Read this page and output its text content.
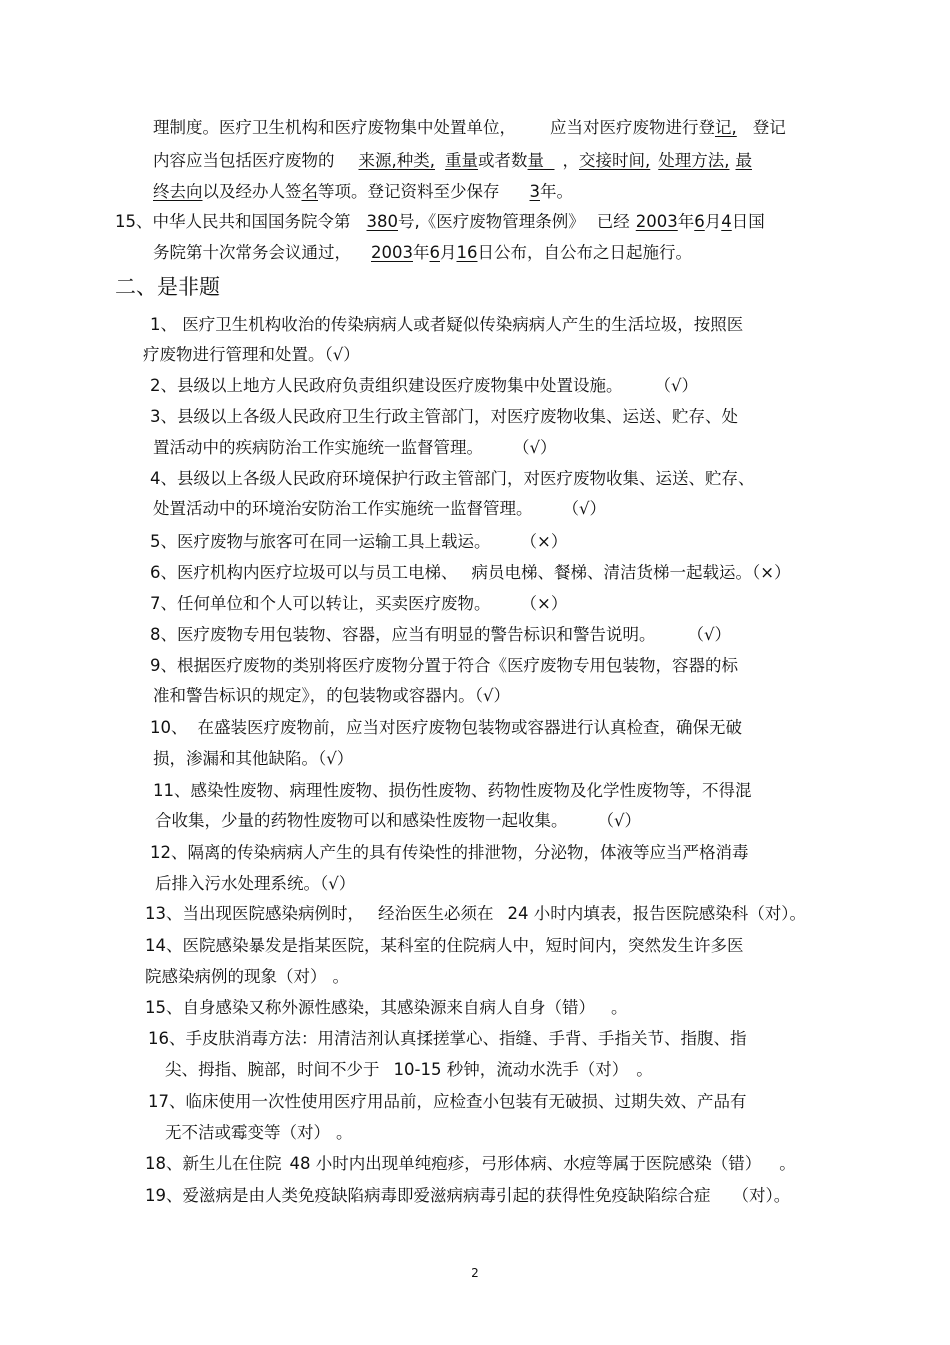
理制度。医疗卫生机构和医疗废物集中处置单位， 应当对医疗废物进行登记, 登记
内容应当包括医疗废物的 来源,种类, 重量或者数量 ，交接时间, 处理方法, 最
终去向以及经办人签名等项。登记资料至少保存 3年。
15、中华人民共和国国务院令第 380号,《医疗废物管理条例》 已经 2003年6月4日国
务院第十次常务会议通过， 2003年6月16日公布，自公布之日起施行。
二、是非题
1、 医疗卫生机构收治的传染病病人或者疑似传染病病人产生的生活垃圾，按照医
疗废物进行管理和处置。（√）
2、县级以上地方人民政府负责组织建设医疗废物集中处置设施。 （√）
3、县级以上各级人民政府卫生行政主管部门，对医疗废物收集、运送、贮存、处
置活动中的疾病防治工作实施统一监督管理。 （√）
4、县级以上各级人民政府环境保护行政主管部门，对医疗废物收集、运送、贮存、
处置活动中的环境治安防治工作实施统一监督管理。 （√）
5、医疗废物与旅客可在同一运输工具上载运。 （×）
6、医疗机构内医疗垃圾可以与员工电梯、 病员电梯、餐梯、清洁货梯一起载运。（×）
7、任何单位和个人可以转让，买卖医疗废物。 （×）
8、医疗废物专用包装物、容器，应当有明显的警告标识和警告说明。 （√）
9、根据医疗废物的类别将医疗废物分置于符合《医疗废物专用包装物，容器的标
准和警告标识的规定》，的包装物或容器内。（√）
10、 在盛装医疗废物前，应当对医疗废物包装物或容器进行认真检查，确保无破
损，渗漏和其他缺陷。（√）
11、感染性废物、病理性废物、损伤性废物、药物性废物及化学性废物等，不得混
合收集，少量的药物性废物可以和感染性废物一起收集。 （√）
12、隔离的传染病病人产生的具有传染性的排泄物，分泌物，体液等应当严格消毒
后排入污水处理系统。（√）
13、当出现医院感染病例时， 经治医生必须在 24 小时内填表，报告医院感染科（对）。
14、医院感染暴发是指某医院，某科室的住院病人中，短时间内，突然发生许多医
院感染病例的现象（对） 。
15、自身感染又称外源性感染，其感染源来自病人自身（错） 。
16、手皮肤消毒方法：用清洁剂认真揉搓掌心、指缝、手背、手指关节、指腹、指
尖、拇指、腕部，时间不少于 10-15 秒钟，流动水洗手（对） 。
17、临床使用一次性使用医疗用品前，应检查小包装有无破损、过期失效、产品有
无不洁或霉变等（对） 。
18、新生儿在住院 48 小时内出现单纯疱疹，弓形体病、水痘等属于医院感染（错） 。
19、爱滋病是由人类免疫缺陷病毒即爱滋病病毒引起的获得性免疫缺陷综合症 （对）。
2
